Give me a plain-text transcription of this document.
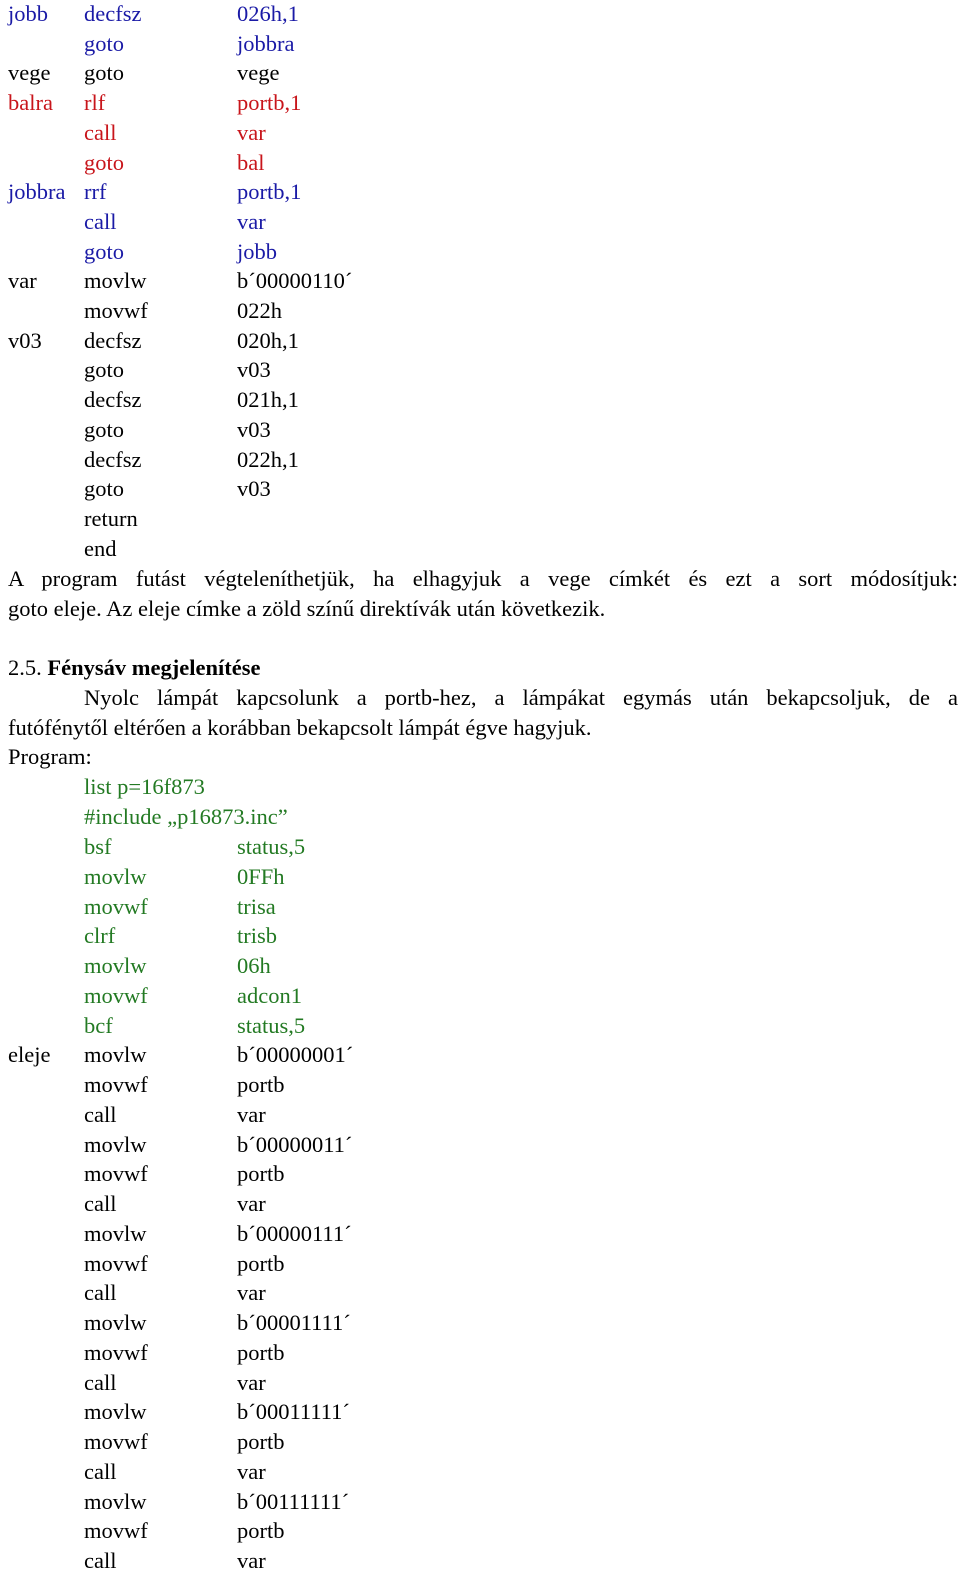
jobb decfsz	026h,1
goto	jobbra
vege goto	vege
balra rlf	portb,1
call	var
goto	bal
jobbra rrf	portb,1
call	var
goto	jobb
var movlw	b´00000110´
movwf	022h
v03 decfsz	020h,1
goto	v03
decfsz	021h,1
goto	v03
decfsz	022h,1
goto	v03
return
end
A program futást végteleníthetjük, ha elhagyjuk a vege címkét és ezt a sort módosítjuk:
goto eleje. Az eleje címke a zöld színű direktívák után következik.
2.5. Fénysáv megjelenítése
Nyolc lámpát kapcsolunk a portb-hez, a lámpákat egymás után bekapcsoljuk, de a
futófénytől eltérően a korábban bekapcsolt lámpát égve hagyjuk.
Program:
list p=16f873
#include „p16873.inc”
bsf	status,5
movlw	0FFh
movwf	trisa
clrf	trisb
movlw	06h
movwf	adcon1
bcf	status,5
eleje movlw	b´00000001´
movwf	portb
call	var
movlw	b´00000011´
movwf	portb
call	var
movlw	b´00000111´
movwf	portb
call	var
movlw	b´00001111´
movwf	portb
call	var
movlw	b´00011111´
movwf	portb
call	var
movlw	b´00111111´
movwf	portb
call	var
